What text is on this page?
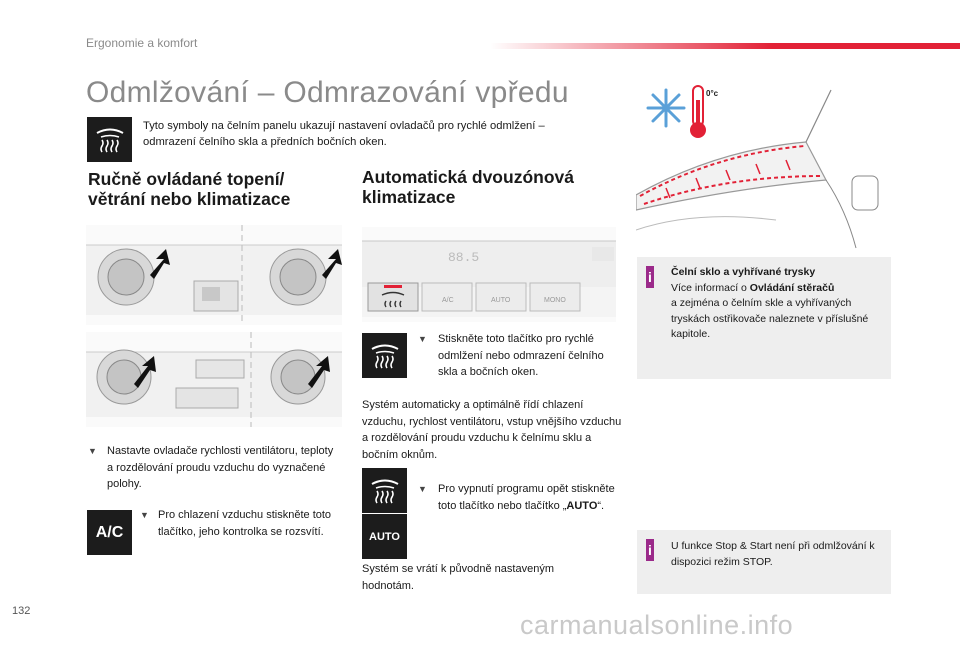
Ergonomie a komfort
Odmlžování – Odmrazování vpředu
Tyto symboly na čelním panelu ukazují nastavení ovladačů pro rychlé odmlžení – odmrazení čelního skla a předních bočních oken.
Ručně ovládané topení/
větrání nebo klimatizace
▼ Nastavte ovladače rychlosti ventilátoru, teploty a rozdělování proudu vzduchu do vyznačené polohy.
A/C
▼ Pro chlazení vzduchu stiskněte toto tlačítko, jeho kontrolka se rozsvítí.
Automatická dvouzónová
klimatizace
A/C	AUTO	MONO
88.5
▼	Stiskněte toto tlačítko pro rychlé odmlžení nebo odmrazení čelního skla a bočních oken.
Systém automaticky a optimálně řídí chlazení vzduchu, rychlost ventilátoru, vstup vnějšího vzduchu a rozdělování proudu vzduchu k čelnímu sklu a bočním oknům.
AUTO
▼	Pro vypnutí programu opět stiskněte toto tlačítko nebo tlačítko „AUTO“.
Systém se vrátí k původně nastaveným hodnotám.
0°c
i Čelní sklo a vyhřívané trysky
Více informací o Ovládání stěračů
a zejména o čelním skle a vyhřívaných tryskách ostřikovače naleznete v příslušné kapitole.
i U funkce Stop & Start není při odmlžování k dispozici režim STOP.
132	carmanualsonline.info
